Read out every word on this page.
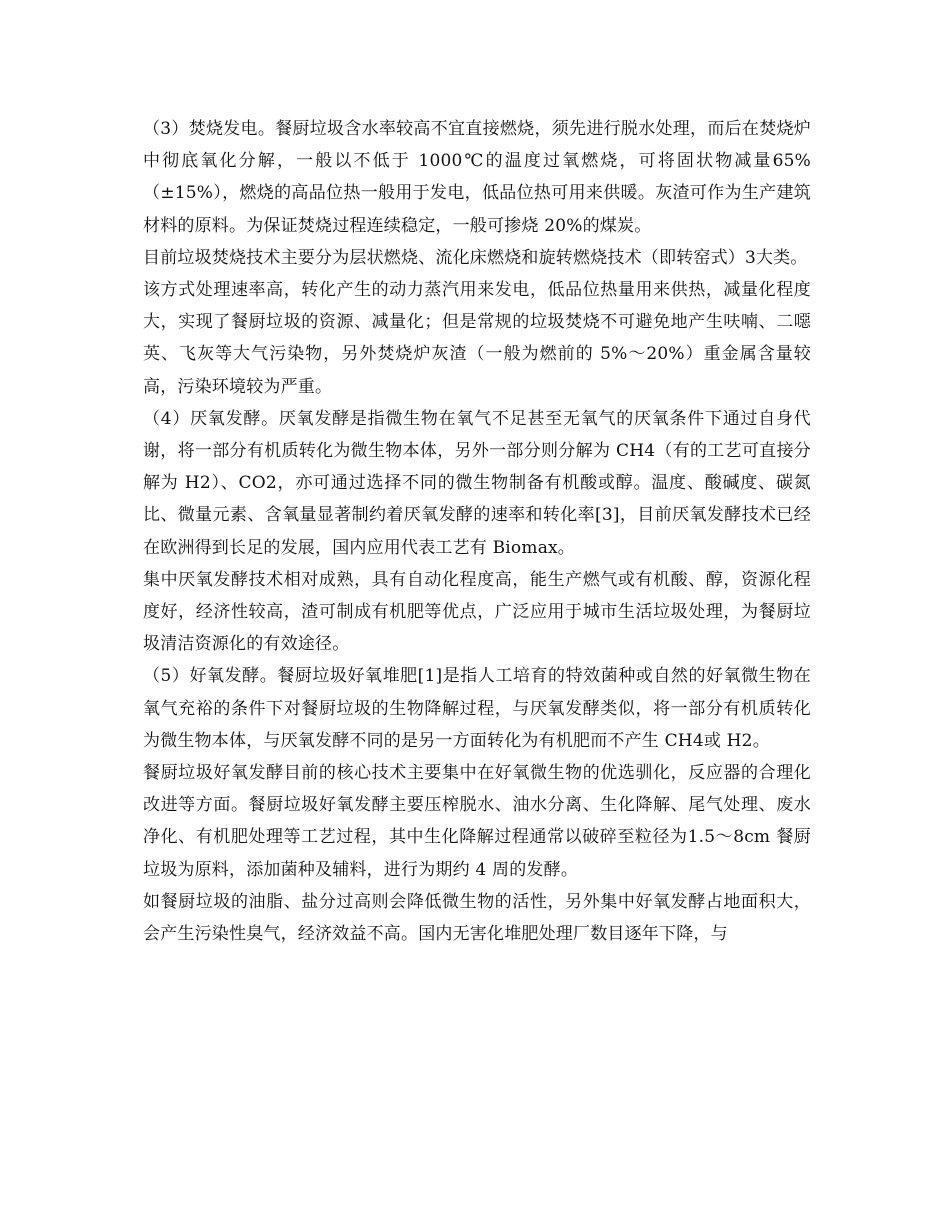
（3）焚烧发电。餐厨垃圾含水率较高不宜直接燃烧，须先进行脱水处理，而后在焚烧炉中彻底氧化分解，一般以不低于 1000℃的温度过氧燃烧，可将固状物减量65%（±15%），燃烧的高品位热一般用于发电，低品位热可用来供暖。灰渣可作为生产建筑材料的原料。为保证焚烧过程连续稳定，一般可掺烧 20%的煤炭。

目前垃圾焚烧技术主要分为层状燃烧、流化床燃烧和旋转燃烧技术（即转窑式）3大类。

该方式处理速率高，转化产生的动力蒸汽用来发电，低品位热量用来供热，减量化程度大，实现了餐厨垃圾的资源、减量化；但是常规的垃圾焚烧不可避免地产生呋喃、二噁英、飞灰等大气污染物，另外焚烧炉灰渣（一般为燃前的 5%～20%）重金属含量较高，污染环境较为严重。

（4）厌氧发酵。厌氧发酵是指微生物在氧气不足甚至无氧气的厌氧条件下通过自身代谢，将一部分有机质转化为微生物本体，另外一部分则分解为 CH4（有的工艺可直接分解为 H2）、CO2，亦可通过选择不同的微生物制备有机酸或醇。温度、酸碱度、碳氮比、微量元素、含氧量显著制约着厌氧发酵的速率和转化率[3]，目前厌氧发酵技术已经在欧洲得到长足的发展，国内应用代表工艺有 Biomax。

集中厌氧发酵技术相对成熟，具有自动化程度高，能生产燃气或有机酸、醇，资源化程度好，经济性较高，渣可制成有机肥等优点，广泛应用于城市生活垃圾处理，为餐厨垃圾清洁资源化的有效途径。

（5）好氧发酵。餐厨垃圾好氧堆肥[1]是指人工培育的特效菌种或自然的好氧微生物在氧气充裕的条件下对餐厨垃圾的生物降解过程，与厌氧发酵类似，将一部分有机质转化为微生物本体，与厌氧发酵不同的是另一方面转化为有机肥而不产生 CH4或 H2。

餐厨垃圾好氧发酵目前的核心技术主要集中在好氧微生物的优选驯化，反应器的合理化改进等方面。餐厨垃圾好氧发酵主要压榨脱水、油水分离、生化降解、尾气处理、废水净化、有机肥处理等工艺过程，其中生化降解过程通常以破碎至粒径为1.5～8cm 餐厨垃圾为原料，添加菌种及辅料，进行为期约 4 周的发酵。

如餐厨垃圾的油脂、盐分过高则会降低微生物的活性，另外集中好氧发酵占地面积大，会产生污染性臭气，经济效益不高。国内无害化堆肥处理厂数目逐年下降，与
